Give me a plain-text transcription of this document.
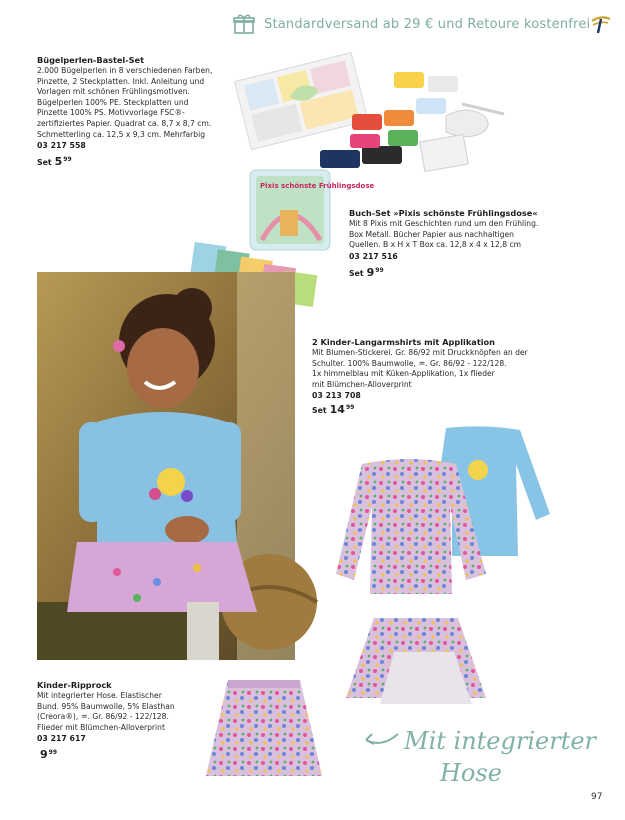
Standardversand ab 29 € und Retoure kostenfrei
Bügelperlen-Bastel-Set
2.000 Bügelperlen in 8 verschiedenen Farben,
Pinzette, 2 Steckplatten. Inkl. Anleitung und
Vorlagen mit schönen Frühlingsmotiven.
Bügelperlen 100% PE. Steckplatten und
Pinzette 100% PS. Motivvorlage FSC®-
zertifiziertes Papier. Quadrat ca. 8,7 x 8,7 cm.
Schmetterling ca. 12,5 x 9,3 cm. Mehrfarbig
03 217 558
Set 5 99
Pixis schönste Frühlingsdose
Buch-Set »Pixis schönste Frühlingsdose«
Mit 8 Pixis mit Geschichten rund um den Frühling.
Box Metall. Bücher Papier aus nachhaltigen
Quellen. B x H x T Box ca. 12,8 x 4 x 12,8 cm
03 217 516
Set 9 99
2 Kinder-Langarmshirts mit Applikation
Mit Blumen-Stickerei. Gr. 86/92 mit Druckknöpfen an der
Schulter. 100% Baumwolle, ♒. Gr. 86/92 - 122/128.
1x himmelblau mit Küken-Applikation, 1x flieder
mit Blümchen-Alloverprint
03 213 708
Set 14 99
Kinder-Ripprock
Mit integrierter Hose. Elastischer
Bund. 95% Baumwolle, 5% Elasthan
(Creora®), ♒. Gr. 86/92 - 122/128.
Flieder mit Blümchen-Alloverprint
03 217 617
9 99	Mit integrierter
Hose
97
